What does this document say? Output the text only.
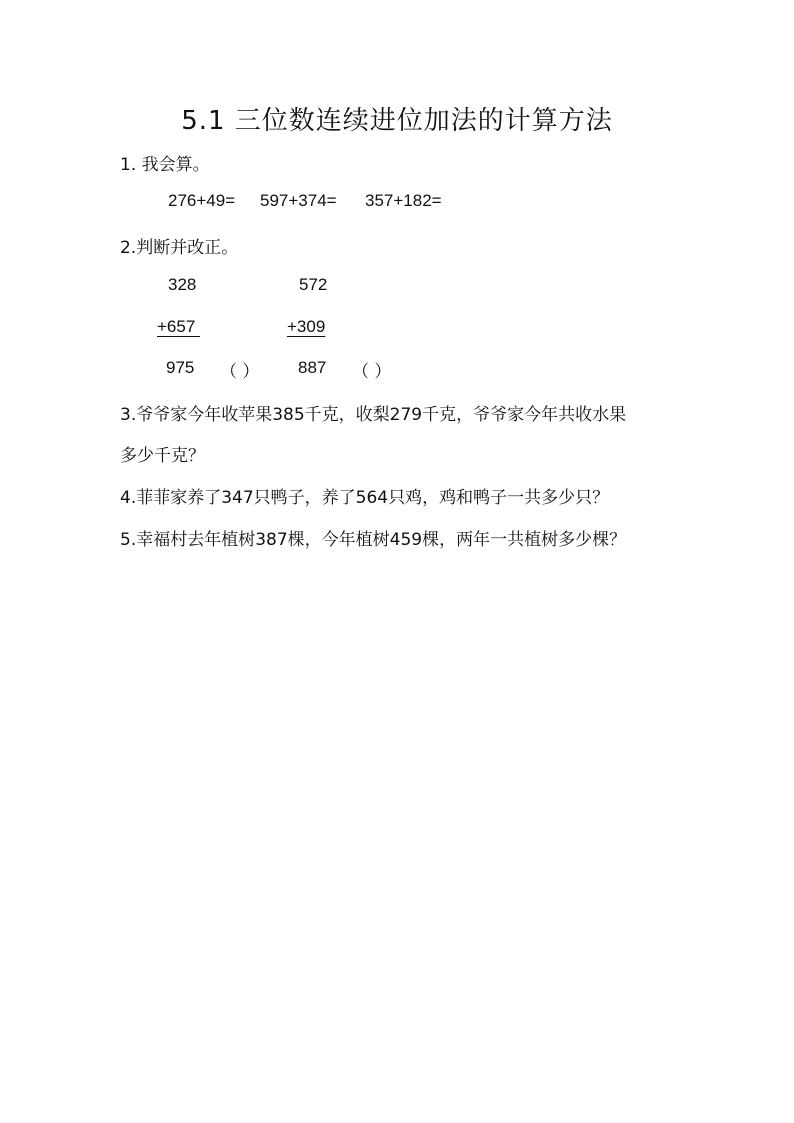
5.1 三位数连续进位加法的计算方法
1. 我会算。
276+49= 597+374= 357+182=
2.判断并改正。
328
+657
975 （ ）
572
+309
887 （ ）
3.爷爷家今年收苹果385千克，收梨279千克，爷爷家今年共收水果
多少千克？
4.菲菲家养了347只鸭子，养了564只鸡，鸡和鸭子一共多少只？
5.幸福村去年植树387棵，今年植树459棵，两年一共植树多少棵？
